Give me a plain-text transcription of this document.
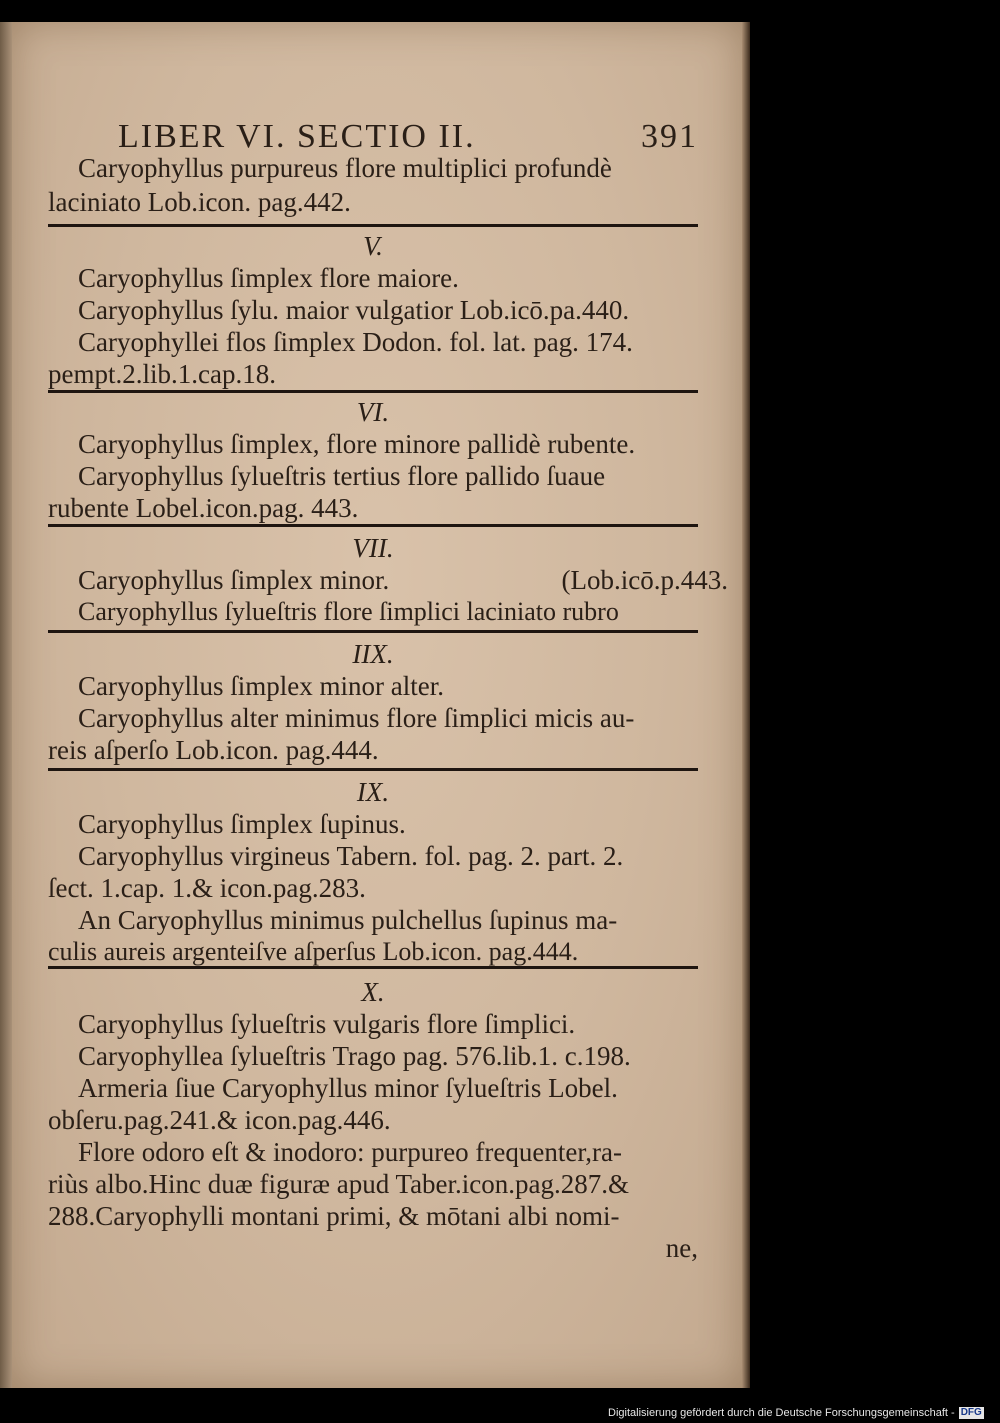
LIBER VI. SECTIO II.	391
Caryophyllus purpureus flore multiplici profundè
laciniato Lob.icon. pag.442.
V.
Caryophyllus ſimplex flore maiore.
Caryophyllus ſylu. maior vulgatior Lob.icō.pa.440.
Caryophyllei flos ſimplex Dodon. fol. lat. pag. 174.
pempt.2.lib.1.cap.18.
VI.
Caryophyllus ſimplex, flore minore pallidè rubente.
Caryophyllus ſylueſtris tertius flore pallido ſuaue
rubente Lobel.icon.pag. 443.
VII.
Caryophyllus ſimplex minor.	(Lob.icō.p.443.
Caryophyllus ſylueſtris flore ſimplici laciniato rubro
IIX.
Caryophyllus ſimplex minor alter.
Caryophyllus alter minimus flore ſimplici micis au-
reis aſperſo Lob.icon. pag.444.
IX.
Caryophyllus ſimplex ſupinus.
Caryophyllus virgineus Tabern. fol. pag. 2. part. 2.
ſect. 1.cap. 1.& icon.pag.283.
An Caryophyllus minimus pulchellus ſupinus ma-
culis aureis argenteiſve aſperſus Lob.icon. pag.444.
X.
Caryophyllus ſylueſtris vulgaris flore ſimplici.
Caryophyllea ſylueſtris Trago pag. 576.lib.1. c.198.
Armeria ſiue Caryophyllus minor ſylueſtris Lobel.
obſeru.pag.241.& icon.pag.446.
Flore odoro eſt & inodoro: purpureo frequenter,ra-
riùs albo.Hinc duæ figuræ apud Taber.icon.pag.287.&
288.Caryophylli montani primi, & mōtani albi nomi-
ne,
Digitalisierung gefördert durch die Deutsche Forschungsgemeinschaft - DFG
